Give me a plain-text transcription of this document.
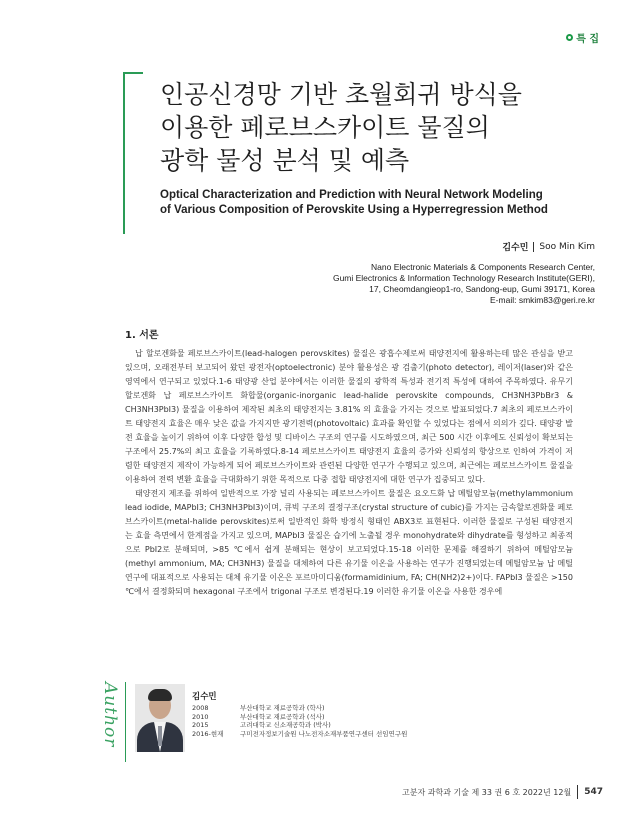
특 집
인공신경망 기반 초월회귀 방식을
이용한 페로브스카이트 물질의
광학 물성 분석 및 예측
Optical Characterization and Prediction with Neural Network Modeling
of Various Composition of Perovskite Using a Hyperregression Method
김수민 Soo Min Kim
Nano Electronic Materials & Components Research Center,
Gumi Electronics & Information Technology Research Institute(GERI),
17, Cheomdangieop1-ro, Sandong-eup, Gumi 39171, Korea
E-mail: smkim83@geri.re.kr
1. 서론

납 할로겐화물 페로브스카이트(lead-halogen perovskites) 물질은 광흡수제로써 태양전지에 활용하는데 많은 관심을 받고 있으며, 오래전부터 보고되어 왔던 광전자(optoelectronic) 분야 활용성은 광 검출기(photo detector), 레이저(laser)와 같은 영역에서 연구되고 있었다.1-6 태양광 산업 분야에서는 이러한 물질의 광학적 특성과 전기적 특성에 대하여 주목하였다. 유무기 할로겐화 납 페로브스카이트 화합물(organic-inorganic lead-halide perovskite compounds, CH3NH3PbBr3 & CH3NH3PbI3) 물질을 이용하여 제작된 최초의 태양전지는 3.81% 의 효율을 가지는 것으로 발표되었다.7 최초의 페로브스카이트 태양전지 효율은 매우 낮은 값을 가지지만 광기전력(photovoltaic) 효과를 확인할 수 있었다는 점에서 의의가 깊다. 태양광 발전 효율을 높이기 위하여 이후 다양한 합성 및 디바이스 구조의 연구를 시도하였으며, 최근 500 시간 이후에도 신뢰성이 확보되는 구조에서 25.7%의 최고 효율을 기록하였다.8-14 페로브스카이트 태양전지 효율의 증가와 신뢰성의 향상으로 인하여 가격이 저렴한 태양전지 제작이 가능하게 되어 페로브스카이트와 관련된 다양한 연구가 수행되고 있으며, 최근에는 페로브스카이트 물질을 이용하여 전력 변환 효율을 극대화하기 위한 목적으로 다중 접합 태양전지에 대한 연구가 집중되고 있다.

태양전지 제조를 위하여 일반적으로 가장 널리 사용되는 페로브스카이트 물질은 요오드화 납 메틸암모늄(methylammonium lead iodide, MAPbI3; CH3NH3PbI3)이며, 큐빅 구조의 결정구조(crystal structure of cubic)를 가지는 금속할로겐화물 페로브스카이트(metal-halide perovskites)로써 일반적인 화학 방정식 형태인 ABX3로 표현된다. 이러한 물질로 구성된 태양전지는 효율 측면에서 한계점을 가지고 있으며, MAPbI3 물질은 습기에 노출될 경우 monohydrate와 dihydrate를 형성하고 최종적으로 PbI2로 분해되며, >85 ℃에서 쉽게 분해되는 현상이 보고되었다.15-18 이러한 문제를 해결하기 위하여 메틸암모늄(methyl ammonium, MA; CH3NH3) 물질을 대체하여 다른 유기물 이온을 사용하는 연구가 진행되었는데 메틸암모늄 납 메틸 연구에 대표적으로 사용되는 대체 유기물 이온은 포르마미디움(formamidinium, FA; CH(NH2)2+)이다. FAPbI3 물질은 >150 ℃에서 결정화되며 hexagonal 구조에서 trigonal 구조로 변경된다.19 이러한 유기물 이온을 사용한 경우에

Author	김수민
2008	부산대학교 재료공학과 (학사)
2010	부산대학교 재료공학과 (석사)
2015	고려대학교 신소재공학과 (박사)
2016-현재	구미전자정보기술원 나노전자소재부품연구센터 선임연구원
고분자 과학과 기술 제 33 권 6 호 2022년 12월 547
